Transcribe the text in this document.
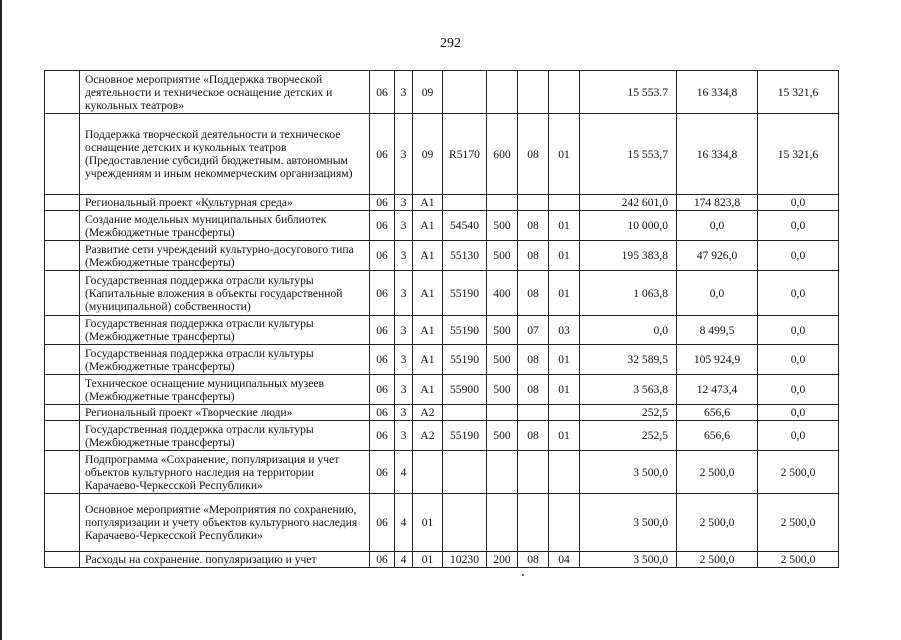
292
	Основное мероприятие «Поддержка творческой деятельности и техническое оснащение детских и кукольных театров»	06	3	09					15 553.7	16 334,8	15 321,6
	Поддержка творческой деятельности и техническое оснащение детских и кукольных театров (Предоставление субсидий бюджетным. автономным учреждениям и иным некоммерческим организациям)	06	3	09	R5170	600	08	01	15 553,7	16 334,8	15 321,6
	Региональный проект «Культурная среда»	06	3	А1					242 601,0	174 823,8	0,0
	Создание модельных муниципальных библиотек (Межбюджетные трансферты)	06	3	А1	54540	500	08	01	10 000,0	0,0	0,0
	Развитие сети учреждений культурно-досугового типа (Межбюджетные трансферты)	06	3	А1	55130	500	08	01	195 383,8	47 926,0	0,0
	Государственная поддержка отрасли культуры (Капитальные вложения в объекты государственной (муниципальной) собственности)	06	3	А1	55190	400	08	01	1 063,8	0,0	0,0
	Государственная поддержка отрасли культуры (Межбюджетные трансферты)	06	3	А1	55190	500	07	03	0,0	8 499,5	0,0
	Государственная поддержка отрасли культуры (Межбюджетные трансферты)	06	3	А1	55190	500	08	01	32 589,5	105 924,9	0,0
	Техническое оснащение муниципальных музеев (Межбюджетные трансферты)	06	3	А1	55900	500	08	01	3 563,8	12 473,4	0,0
	Региональный проект «Творческие люди»	06	3	А2					252,5	656,6	0,0
	Государственная поддержка отрасли культуры (Межбюджетные трансферты)	06	3	А2	55190	500	08	01	252,5	656,6	0,0
	Подпрограмма «Сохранение, популяризация и учет объектов культурного наследия на территории Карачаево-Черкесской Республики»	06	4						3 500,0	2 500,0	2 500,0
	Основное мероприятие «Мероприятия по сохранению, популяризации и учету объектов культурного наследия Карачаево-Черкесской Республики»	06	4	01					3 500,0	2 500,0	2 500,0
	Расходы на сохранение. популяризацию и учет	06	4	01	10230	200	08	04	3 500,0	2 500,0	2 500,0
